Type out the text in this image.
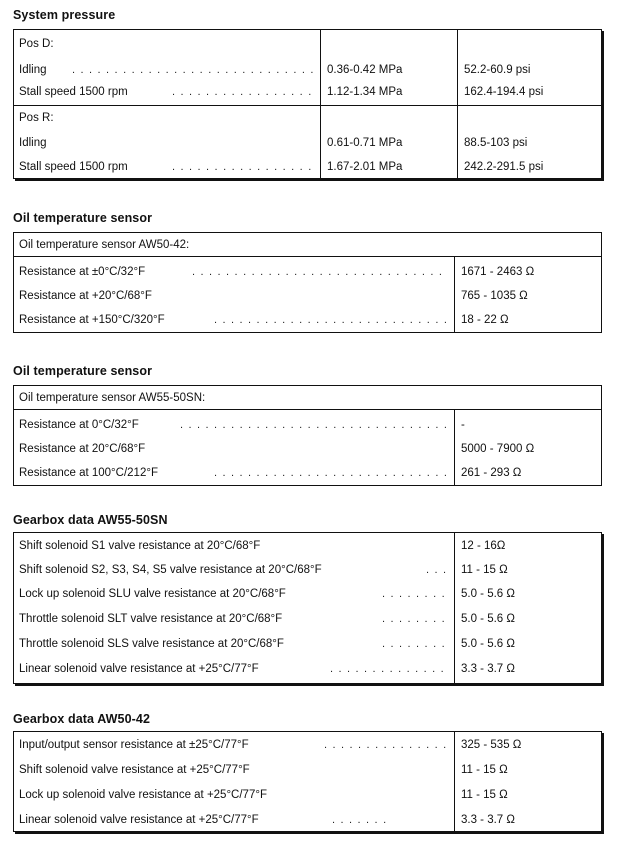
System pressure
Pos D:
Idling . . .	0.36-0.42 MPa	52.2-60.9 psi
Stall speed 1500 rpm . . .	1.12-1.34 MPa	162.4-194.4 psi
Pos R:
Idling	0.61-0.71 MPa	88.5-103 psi
Stall speed 1500 rpm . . .	1.67-2.01 MPa	242.2-291.5 psi
Oil temperature sensor
Oil temperature sensor AW50-42:
Resistance at ±0°C/32°F . . .	1671 - 2463 Ω
Resistance at +20°C/68°F	765 - 1035 Ω
Resistance at +150°C/320°F . . .	18 - 22 Ω
Oil temperature sensor
Oil temperature sensor AW55-50SN:
Resistance at 0°C/32°F . . .	-
Resistance at 20°C/68°F	5000 - 7900 Ω
Resistance at 100°C/212°F . . .	261 - 293 Ω
Gearbox data AW55-50SN
Shift solenoid S1 valve resistance at 20°C/68°F	12 - 16Ω
Shift solenoid S2, S3, S4, S5 valve resistance at 20°C/68°F . . .	11 - 15 Ω
Lock up solenoid SLU valve resistance at 20°C/68°F . . .	5.0 - 5.6 Ω
Throttle solenoid SLT valve resistance at 20°C/68°F . . .	5.0 - 5.6 Ω
Throttle solenoid SLS valve resistance at 20°C/68°F . . .	5.0 - 5.6 Ω
Linear solenoid valve resistance at +25°C/77°F . . .	3.3 - 3.7 Ω
Gearbox data AW50-42
Input/output sensor resistance at ±25°C/77°F . . .	325 - 535 Ω
Shift solenoid valve resistance at +25°C/77°F	11 - 15 Ω
Lock up solenoid valve resistance at +25°C/77°F	11 - 15 Ω
Linear solenoid valve resistance at +25°C/77°F . . .	3.3 - 3.7 Ω
